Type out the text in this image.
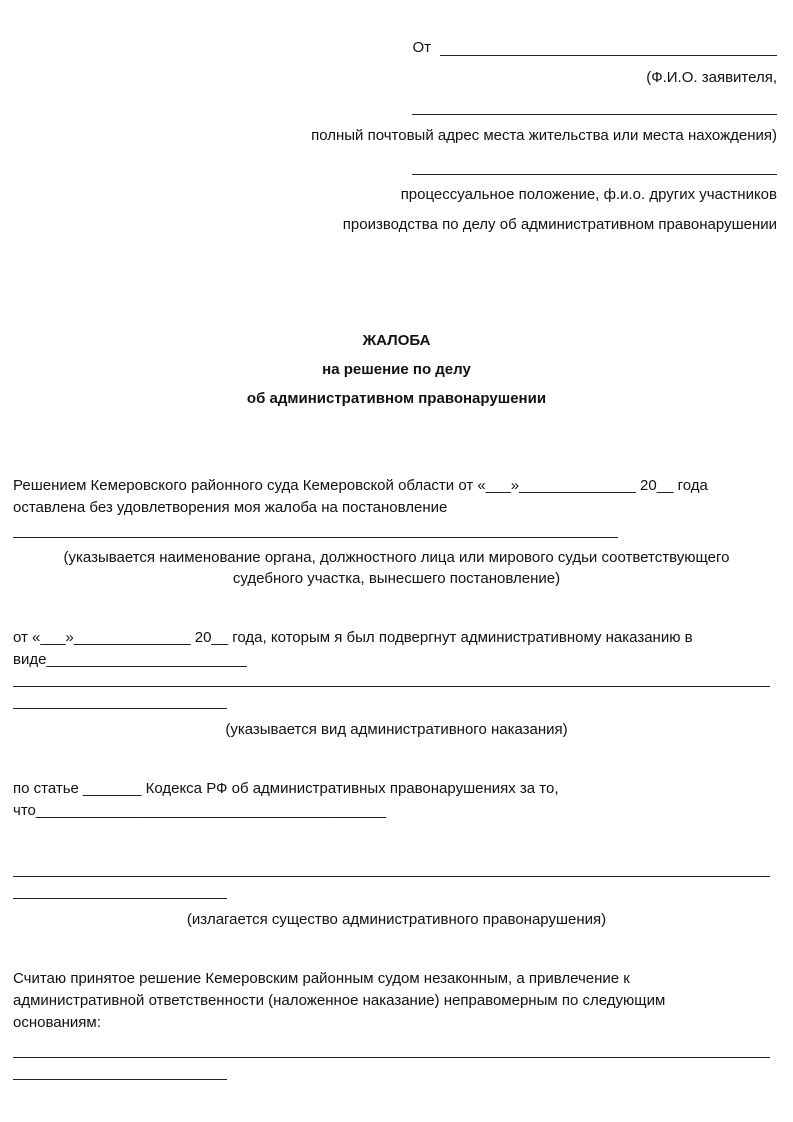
От
(Ф.И.О. заявителя,
полный почтовый адрес места жительства или места нахождения)
процессуальное положение, ф.и.о. других участников
производства по делу об административном правонарушении
ЖАЛОБА
на решение по делу
об административном правонарушении
Решением Кемеровского районного суда Кемеровской области от «___»______________ 20__ года
оставлена без удовлетворения моя жалоба на постановление
(указывается наименование органа, должностного лица или мирового судьи соответствующего
судебного участка, вынесшего постановление)
от «___»______________ 20__ года, которым я был подвергнут административному наказанию в
виде________________________
(указывается вид административного наказания)
по статье _______ Кодекса РФ об административных правонарушениях за то,
что__________________________________________
(излагается существо административного правонарушения)
Считаю принятое решение Кемеровским районным судом незаконным, а привлечение к
административной ответственности (наложенное наказание) неправомерным по следующим
основаниям:
